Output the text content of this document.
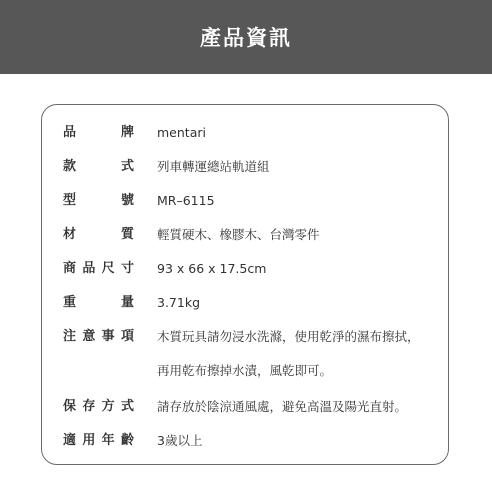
產品資訊
品	牌 mentari
款	式 列車轉運總站軌道組
型	號 MR–6115
材	質 輕質硬木、橡膠木、台灣零件
商 品 尺 寸 93 x 66 x 17.5cm
重	量 3.71kg
注 意 事 項 木質玩具請勿浸水洗滌，使用乾淨的濕布擦拭，
再用乾布擦掉水漬，風乾即可。
保 存 方 式 請存放於陰涼通風處，避免高溫及陽光直射。
適 用 年 齡 3歲以上
